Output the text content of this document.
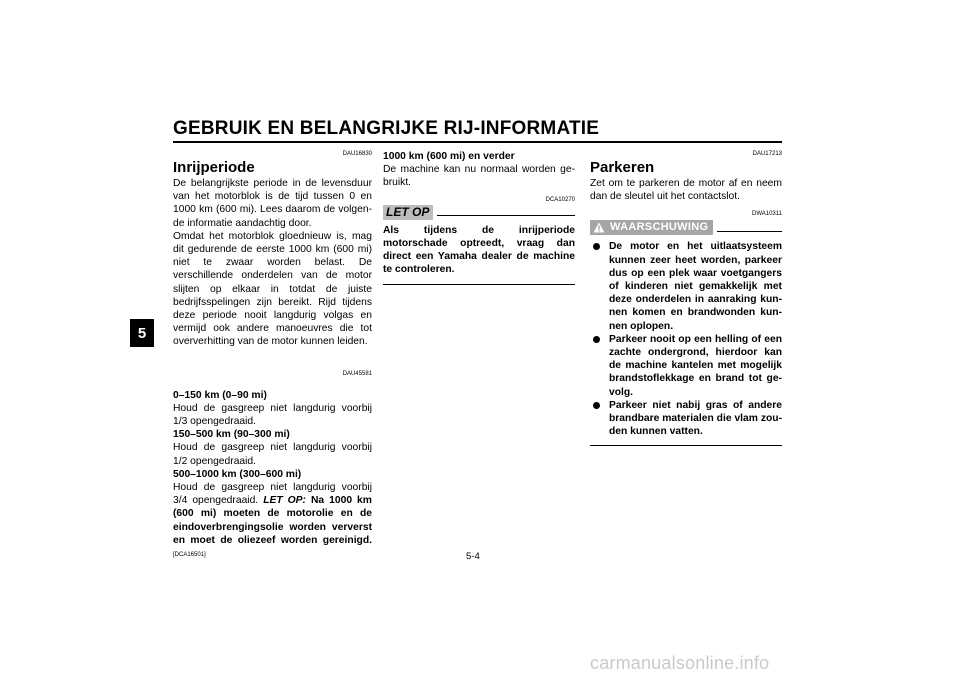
GEBRUIK EN BELANGRIJKE RIJ-INFORMATIE
5
DAU16830
Inrijperiode
De belangrijkste periode in de levensduur van het motorblok is de tijd tussen 0 en 1000 km (600 mi). Lees daarom de volgende informatie aandachtig door.
Omdat het motorblok gloednieuw is, mag dit gedurende de eerste 1000 km (600 mi) niet te zwaar worden belast. De verschillende onderdelen van de motor slijten op elkaar in totdat de juiste bedrijfsspelingen zijn bereikt. Rijd tijdens deze periode nooit langdurig volgas en vermijd ook andere manoeuvres die tot oververhitting van de motor kunnen leiden.
DAU45581
0–150 km (0–90 mi)
Houd de gasgreep niet langdurig voorbij 1/3 opengedraaid.
150–500 km (90–300 mi)
Houd de gasgreep niet langdurig voorbij 1/2 opengedraaid.
500–1000 km (300–600 mi)
Houd de gasgreep niet langdurig voorbij 3/4 opengedraaid. LET OP: Na 1000 km (600 mi) moeten de motorolie en de eindoverbrengingsolie worden ververst en moet de oliezeef worden gereinigd. [DCA16501]
1000 km (600 mi) en verder
De machine kan nu normaal worden gebruikt.
DCA10270
LET OP
Als tijdens de inrijperiode motorschade optreedt, vraag dan direct een Yamaha dealer de machine te controleren.
DAU17213
Parkeren
Zet om te parkeren de motor af en neem dan de sleutel uit het contactslot.
DWA10311
WAARSCHUWING
De motor en het uitlaatsysteem kunnen zeer heet worden, parkeer dus op een plek waar voetgangers of kinderen niet gemakkelijk met deze onderdelen in aanraking kunnen komen en brandwonden kunnen oplopen.
Parkeer nooit op een helling of een zachte ondergrond, hierdoor kan de machine kantelen met mogelijk brandstoflekkage en brand tot gevolg.
Parkeer niet nabij gras of andere brandbare materialen die vlam zouden kunnen vatten.
5-4
carmanualsonline.info
